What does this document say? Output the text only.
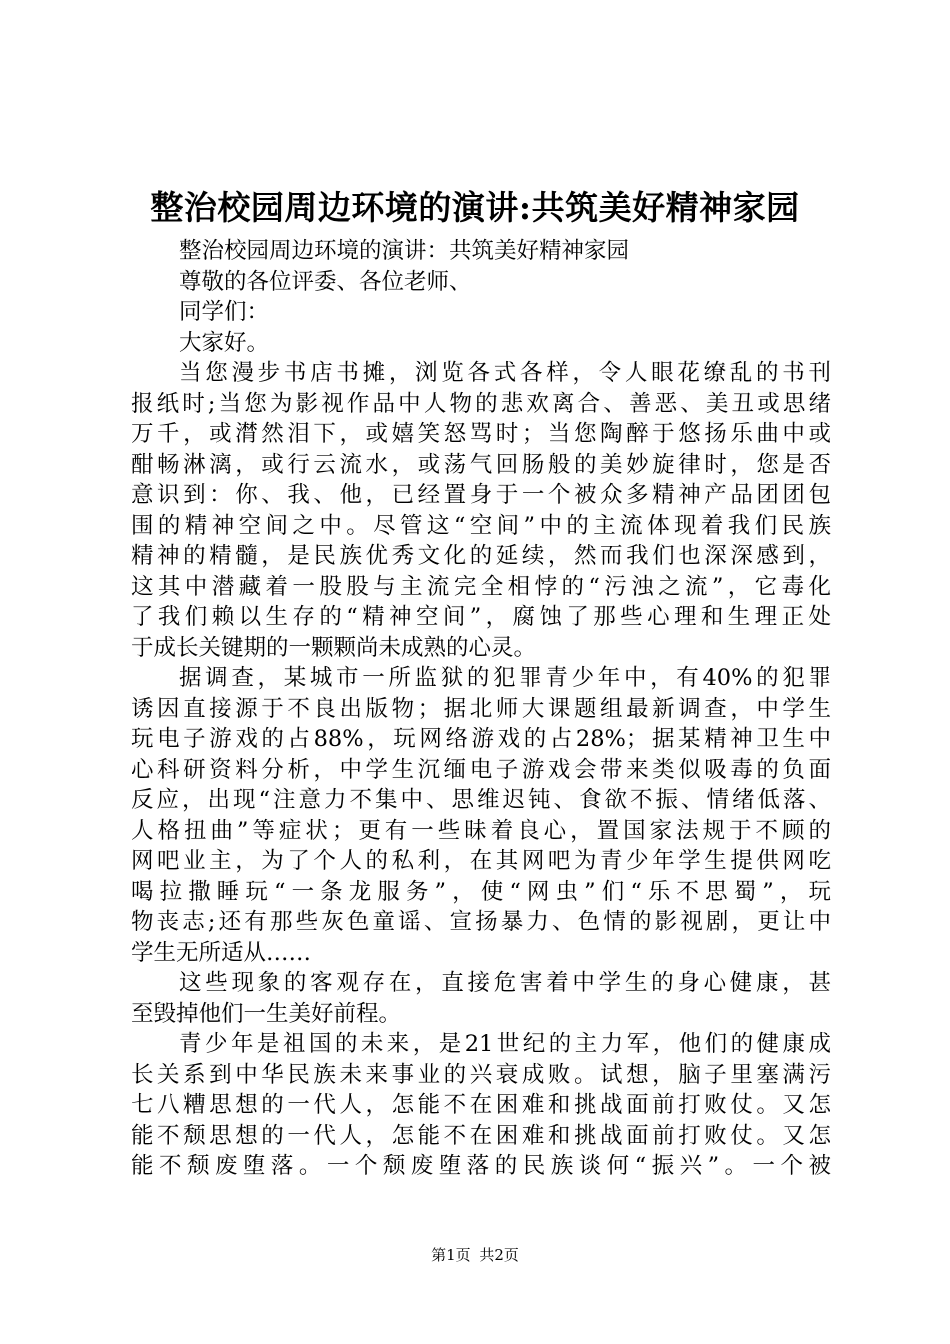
整治校园周边环境的演讲:共筑美好精神家园
整治校园周边环境的演讲：共筑美好精神家园
尊敬的各位评委、各位老师、
同学们：
大家好。
当您漫步书店书摊，浏览各式各样，令人眼花缭乱的书刊
报纸时;当您为影视作品中人物的悲欢离合、善恶、美丑或思绪
万千，或潸然泪下，或嬉笑怒骂时；当您陶醉于悠扬乐曲中或
酣畅淋漓，或行云流水，或荡气回肠般的美妙旋律时，您是否
意识到：你、我、他，已经置身于一个被众多精神产品团团包
围的精神空间之中。尽管这“空间”中的主流体现着我们民族
精神的精髓，是民族优秀文化的延续，然而我们也深深感到，
这其中潜藏着一股股与主流完全相悖的“污浊之流”，它毒化
了我们赖以生存的“精神空间”，腐蚀了那些心理和生理正处
于成长关键期的一颗颗尚未成熟的心灵。
据调查，某城市一所监狱的犯罪青少年中，有40%的犯罪
诱因直接源于不良出版物；据北师大课题组最新调查，中学生
玩电子游戏的占88%，玩网络游戏的占28%；据某精神卫生中
心科研资料分析，中学生沉缅电子游戏会带来类似吸毒的负面
反应，出现“注意力不集中、思维迟钝、食欲不振、情绪低落、
人格扭曲”等症状；更有一些昧着良心，置国家法规于不顾的
网吧业主，为了个人的私利，在其网吧为青少年学生提供网吃
喝拉撒睡玩“一条龙服务”，使“网虫”们“乐不思蜀”，玩
物丧志;还有那些灰色童谣、宣扬暴力、色情的影视剧，更让中
学生无所适从……
这些现象的客观存在，直接危害着中学生的身心健康，甚
至毁掉他们一生美好前程。
青少年是祖国的未来，是21世纪的主力军，他们的健康成
长关系到中华民族未来事业的兴衰成败。试想，脑子里塞满污
七八糟思想的一代人，怎能不在困难和挑战面前打败仗。又怎
能不颓思想的一代人，怎能不在困难和挑战面前打败仗。又怎
能不颓废堕落。一个颓废堕落的民族谈何“振兴”。一个被
第1页 共2页
